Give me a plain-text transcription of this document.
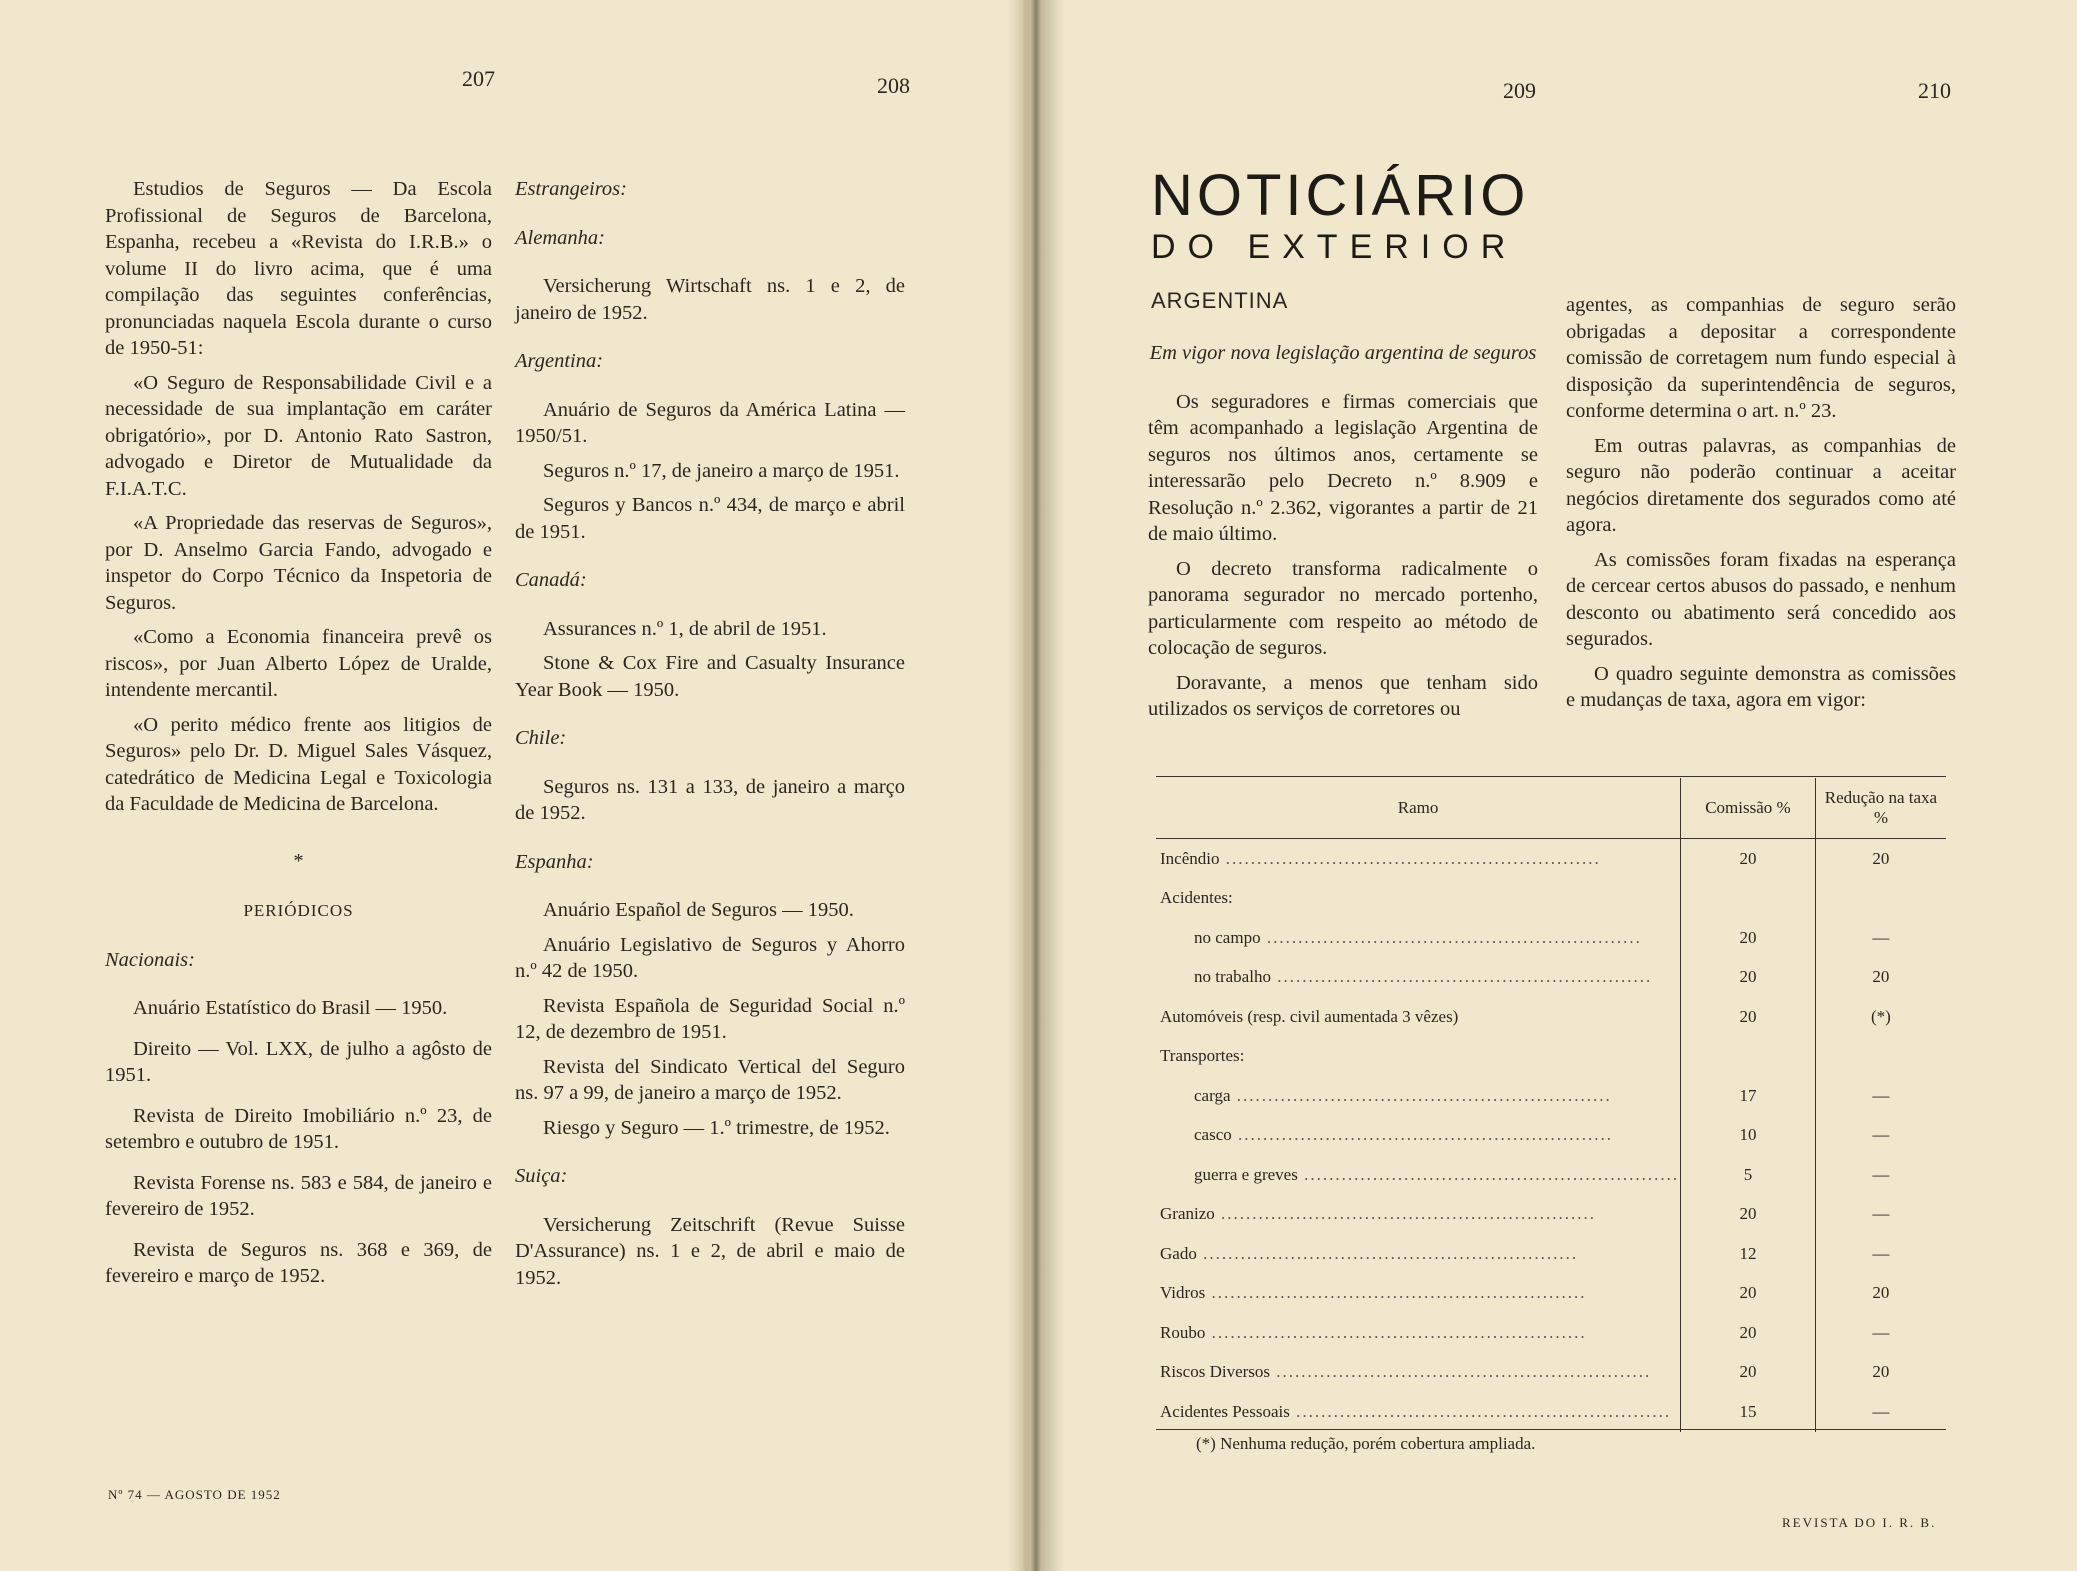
207	208	209	210

Estudios de Seguros — Da Escola Profissional de Seguros de Barcelona, Espanha, recebeu a «Revista do I.R.B.» o volume II do livro acima, que é uma compilação das seguintes conferências, pronunciadas naquela Escola durante o curso de 1950-51:

«O Seguro de Responsabilidade Civil e a necessidade de sua implantação em caráter obrigatório», por D. Antonio Rato Sastron, advogado e Diretor de Mutualidade da F.I.A.T.C.

«A Propriedade das reservas de Seguros», por D. Anselmo Garcia Fando, advogado e inspetor do Corpo Técnico da Inspetoria de Seguros.

«Como a Economia financeira prevê os riscos», por Juan Alberto López de Uralde, intendente mercantil.

«O perito médico frente aos litigios de Seguros» pelo Dr. D. Miguel Sales Vásquez, catedrático de Medicina Legal e Toxicologia da Faculdade de Medicina de Barcelona.

*
PERIÓDICOS
Nacionais:

Anuário Estatístico do Brasil — 1950.

Direito — Vol. LXX, de julho a agôsto de 1951.

Revista de Direito Imobiliário n.º 23, de setembro e outubro de 1951.

Revista Forense ns. 583 e 584, de janeiro e fevereiro de 1952.

Revista de Seguros ns. 368 e 369, de fevereiro e março de 1952.

Estrangeiros:
Alemanha:

Versicherung Wirtschaft ns. 1 e 2, de janeiro de 1952.

Argentina:

Anuário de Seguros da América Latina — 1950/51.

Seguros n.º 17, de janeiro a março de 1951.

Seguros y Bancos n.º 434, de março e abril de 1951.

Canadá:

Assurances n.º 1, de abril de 1951.

Stone & Cox Fire and Casualty Insurance Year Book — 1950.

Chile:

Seguros ns. 131 a 133, de janeiro a março de 1952.

Espanha:

Anuário Español de Seguros — 1950.

Anuário Legislativo de Seguros y Ahorro n.º 42 de 1950.

Revista Española de Seguridad Social n.º 12, de dezembro de 1951.

Revista del Sindicato Vertical del Seguro ns. 97 a 99, de janeiro a março de 1952.

Riesgo y Seguro — 1.º trimestre, de 1952.

Suiça:

Versicherung Zeitschrift (Revue Suisse D'Assurance) ns. 1 e 2, de abril e maio de 1952.

NOTICIÁRIO
DO EXTERIOR
ARGENTINA
Em vigor nova legislação argentina de seguros

Os seguradores e firmas comerciais que têm acompanhado a legislação Argentina de seguros nos últimos anos, certamente se interessarão pelo Decreto n.º 8.909 e Resolução n.º 2.362, vigorantes a partir de 21 de maio último.

O decreto transforma radicalmente o panorama segurador no mercado portenho, particularmente com respeito ao método de colocação de seguros.

Doravante, a menos que tenham sido utilizados os serviços de corretores ou

agentes, as companhias de seguro serão obrigadas a depositar a correspondente comissão de corretagem num fundo especial à disposição da superintendência de seguros, conforme determina o art. n.º 23.

Em outras palavras, as companhias de seguro não poderão continuar a aceitar negócios diretamente dos segurados como até agora.

As comissões foram fixadas na esperança de cercear certos abusos do passado, e nenhum desconto ou abatimento será concedido aos segurados.

O quadro seguinte demonstra as comissões e mudanças de taxa, agora em vigor:

Ramo	Comissão %	Redução na taxa %
Incêndio ............................................................	20	20
Acidentes:		
no campo ............................................................	20	—
no trabalho ............................................................	20	20
Automóveis (resp. civil aumentada 3 vêzes)	20	(*)
Transportes:		
carga ............................................................	17	—
casco ............................................................	10	—
guerra e greves ............................................................	5	—
Granizo ............................................................	20	—
Gado ............................................................	12	—
Vidros ............................................................	20	20
Roubo ............................................................	20	—
Riscos Diversos ............................................................	20	20
Acidentes Pessoais ............................................................	15	—
(*) Nenhuma redução, porém cobertura ampliada.
Nº 74 — AGOSTO DE 1952
REVISTA DO I. R. B.
